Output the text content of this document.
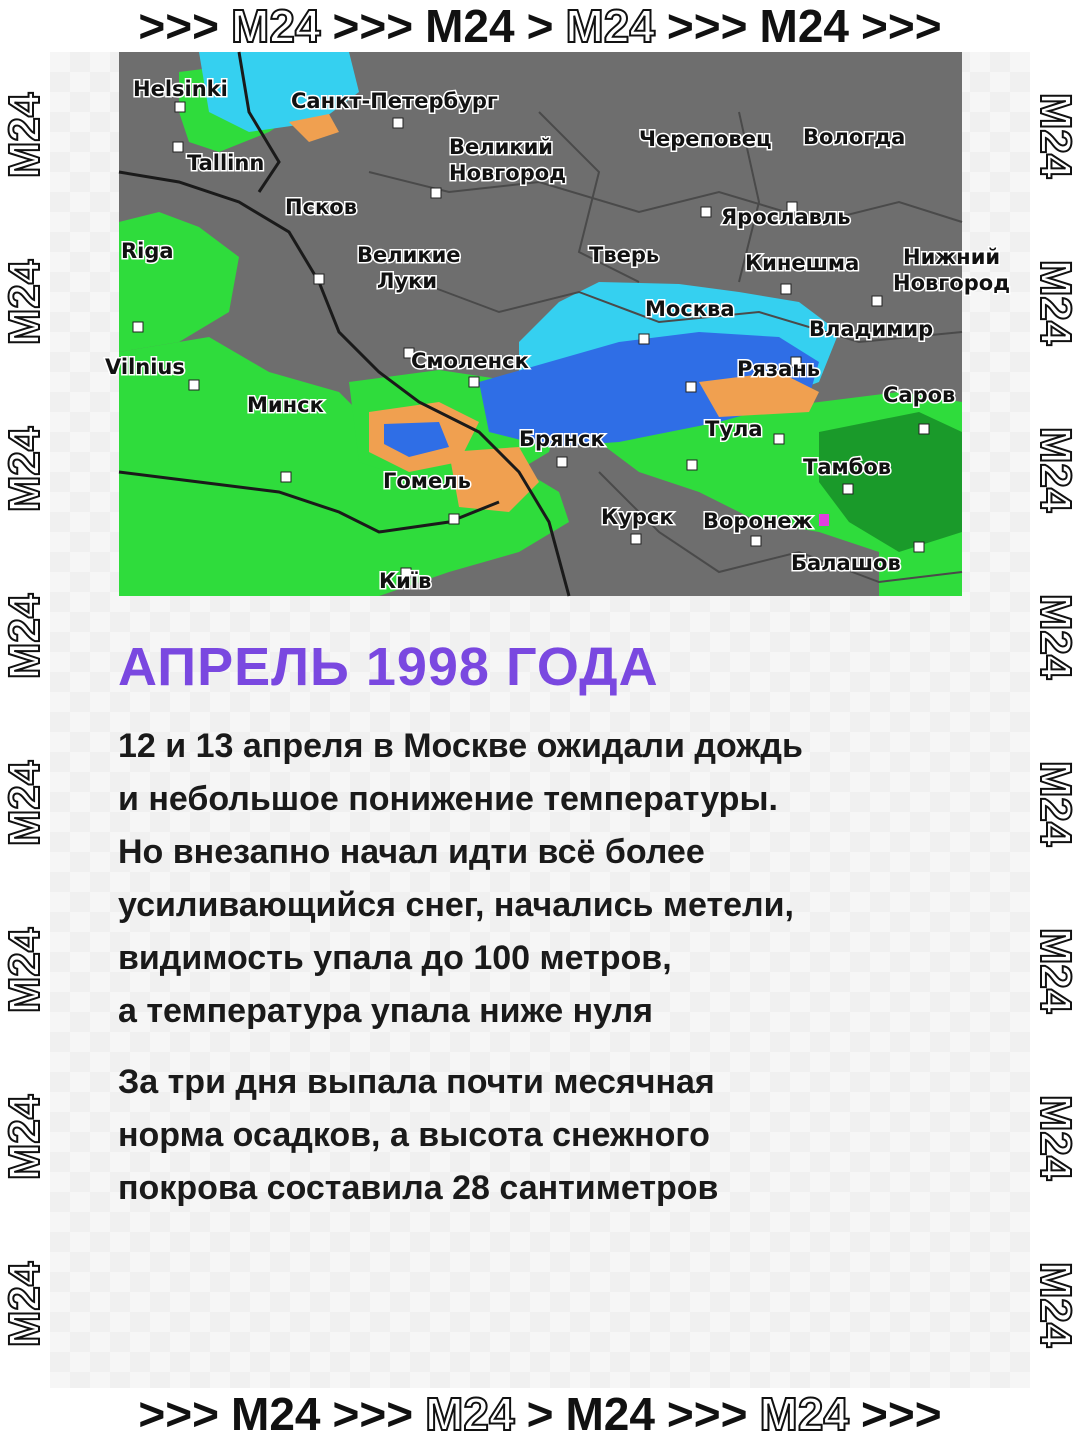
>>> M24 >>> M24 > M24 >>> M24 >>>
M24
M24
M24
M24
M24
M24
M24
M24	M24
M24
M24
M24
M24
M24
M24
M24
Helsinki	Санкт-Петербург
Tallinn
Великий
Новгород
Череповец Вологда
Псков
Riga	Великие
Луки
Тверь
Ярославль
Кинешма Нижний
Новгород
Москва
Владимир
Vilnius	Смоленск	Рязань
Саров
Минск
Брянск	Тула
Гомель
Тамбов
Курск Воронеж
Балашов
Київ
АПРЕЛЬ 1998 ГОДА
12 и 13 апреля в Москве ожидали дождь
и небольшое понижение температуры.
Но внезапно начал идти всё более
усиливающийся снег, начались метели,
видимость упала до 100 метров,
а температура упала ниже нуля
За три дня выпала почти месячная
норма осадков, а высота снежного
покрова составила 28 сантиметров
>>> M24 >>> M24 > M24 >>> M24 >>>
